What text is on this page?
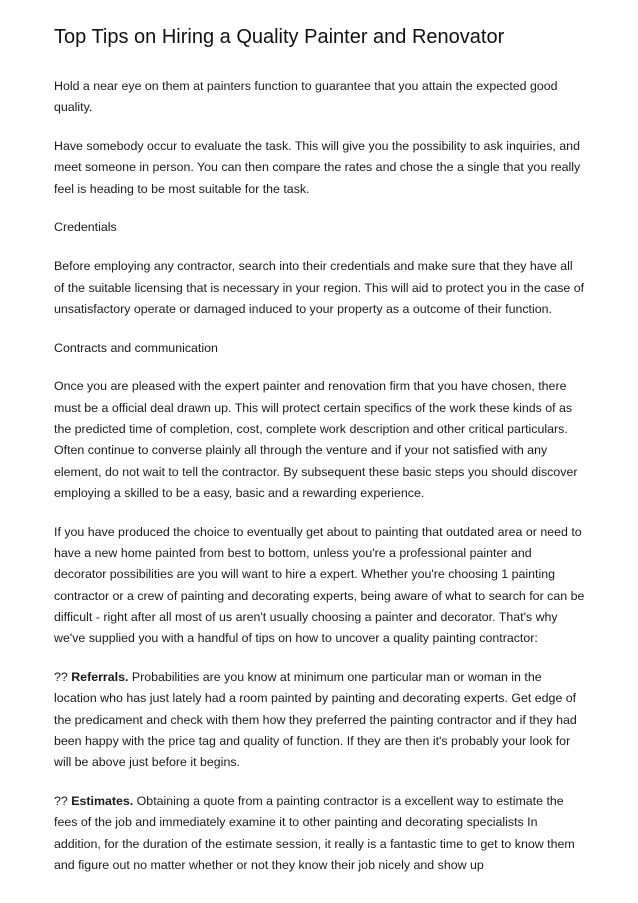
Top Tips on Hiring a Quality Painter and Renovator

Hold a near eye on them at painters function to guarantee that you attain the expected good quality.

Have somebody occur to evaluate the task. This will give you the possibility to ask inquiries, and meet someone in person. You can then compare the rates and chose the a single that you really feel is heading to be most suitable for the task.

Credentials

Before employing any contractor, search into their credentials and make sure that they have all of the suitable licensing that is necessary in your region. This will aid to protect you in the case of unsatisfactory operate or damaged induced to your property as a outcome of their function.

Contracts and communication

Once you are pleased with the expert painter and renovation firm that you have chosen, there must be a official deal drawn up. This will protect certain specifics of the work these kinds of as the predicted time of completion, cost, complete work description and other critical particulars. Often continue to converse plainly all through the venture and if your not satisfied with any element, do not wait to tell the contractor. By subsequent these basic steps you should discover employing a skilled to be a easy, basic and a rewarding experience.

If you have produced the choice to eventually get about to painting that outdated area or need to have a new home painted from best to bottom, unless you're a professional painter and decorator possibilities are you will want to hire a expert. Whether you're choosing 1 painting contractor or a crew of painting and decorating experts, being aware of what to search for can be difficult - right after all most of us aren't usually choosing a painter and decorator. That's why we've supplied you with a handful of tips on how to uncover a quality painting contractor:

?? Referrals. Probabilities are you know at minimum one particular man or woman in the location who has just lately had a room painted by painting and decorating experts. Get edge of the predicament and check with them how they preferred the painting contractor and if they had been happy with the price tag and quality of function. If they are then it's probably your look for will be above just before it begins.

?? Estimates. Obtaining a quote from a painting contractor is a excellent way to estimate the fees of the job and immediately examine it to other painting and decorating specialists In addition, for the duration of the estimate session, it really is a fantastic time to get to know them and figure out no matter whether or not they know their job nicely and show up
